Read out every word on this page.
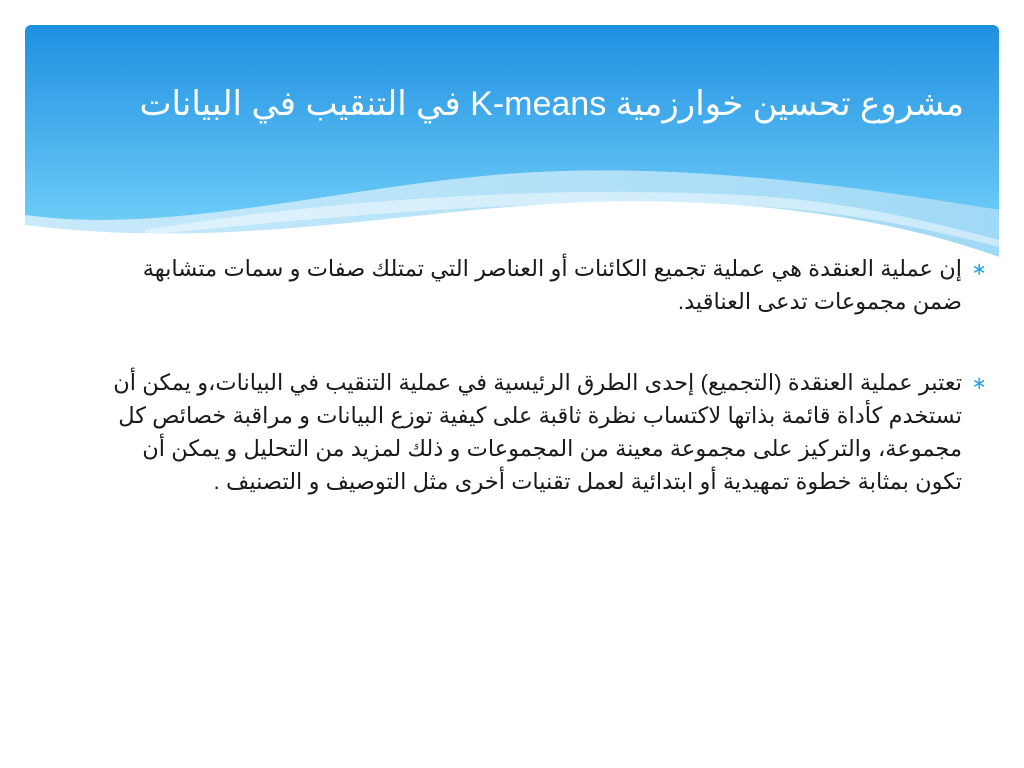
مشروع تحسين خوارزمية K-means في التنقيب في البيانات
∗
إن عملية العنقدة هي عملية تجميع الكائنات أو العناصر التي تمتلك صفات و سمات متشابهة ضمن مجموعات تدعى العناقيد.
∗
تعتبر عملية العنقدة (التجميع) إحدى الطرق الرئيسية في عملية التنقيب في البيانات،و يمكن أن تستخدم كأداة قائمة بذاتها لاكتساب نظرة ثاقبة على كيفية توزع البيانات و مراقبة خصائص كل مجموعة، والتركيز على مجموعة معينة من المجموعات و ذلك لمزيد من التحليل و يمكن أن تكون بمثابة خطوة تمهيدية أو ابتدائية لعمل تقنيات أخرى مثل التوصيف و التصنيف .
